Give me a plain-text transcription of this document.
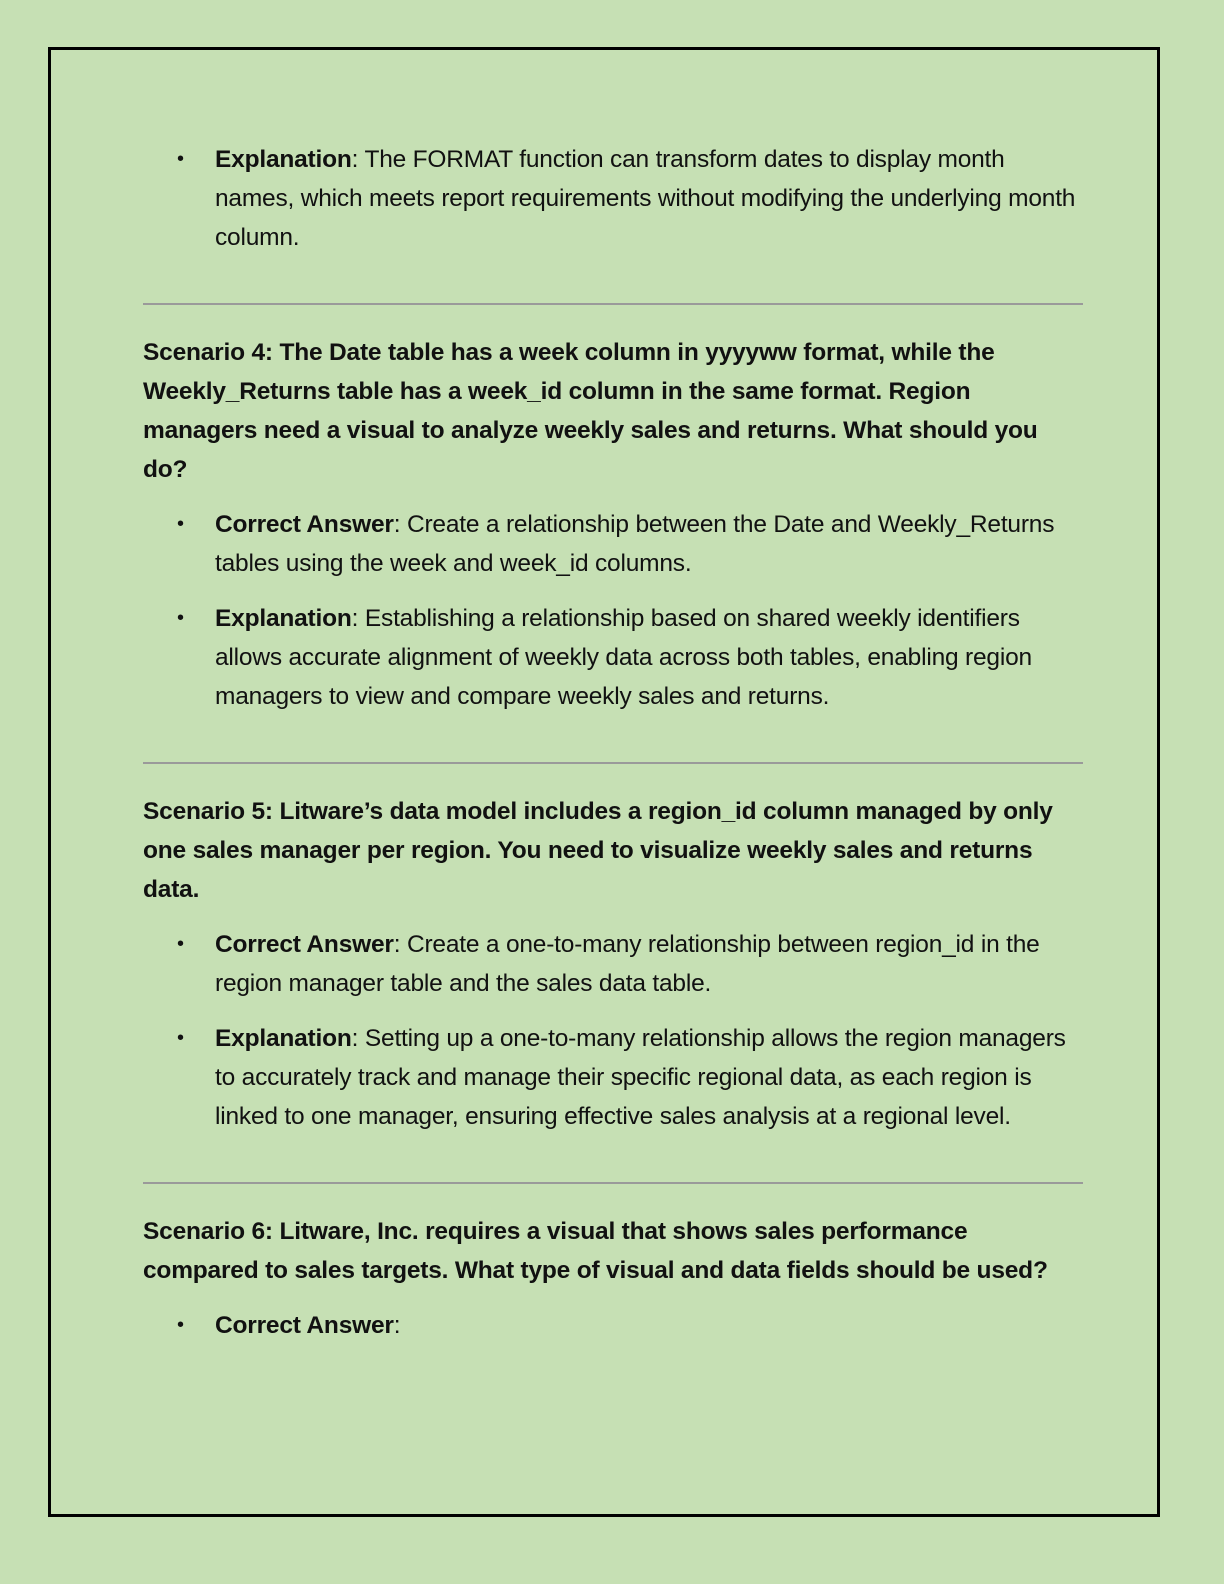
• Explanation: The FORMAT function can transform dates to display month names, which meets report requirements without modifying the underlying month column.

Scenario 4: The Date table has a week column in yyyyww format, while the Weekly_Returns table has a week_id column in the same format. Region managers need a visual to analyze weekly sales and returns. What should you do?

• Correct Answer: Create a relationship between the Date and Weekly_Returns tables using the week and week_id columns.

• Explanation: Establishing a relationship based on shared weekly identifiers allows accurate alignment of weekly data across both tables, enabling region managers to view and compare weekly sales and returns.

Scenario 5: Litware’s data model includes a region_id column managed by only one sales manager per region. You need to visualize weekly sales and returns data.

• Correct Answer: Create a one-to-many relationship between region_id in the region manager table and the sales data table.

• Explanation: Setting up a one-to-many relationship allows the region managers to accurately track and manage their specific regional data, as each region is linked to one manager, ensuring effective sales analysis at a regional level.

Scenario 6: Litware, Inc. requires a visual that shows sales performance compared to sales targets. What type of visual and data fields should be used?

• Correct Answer:
